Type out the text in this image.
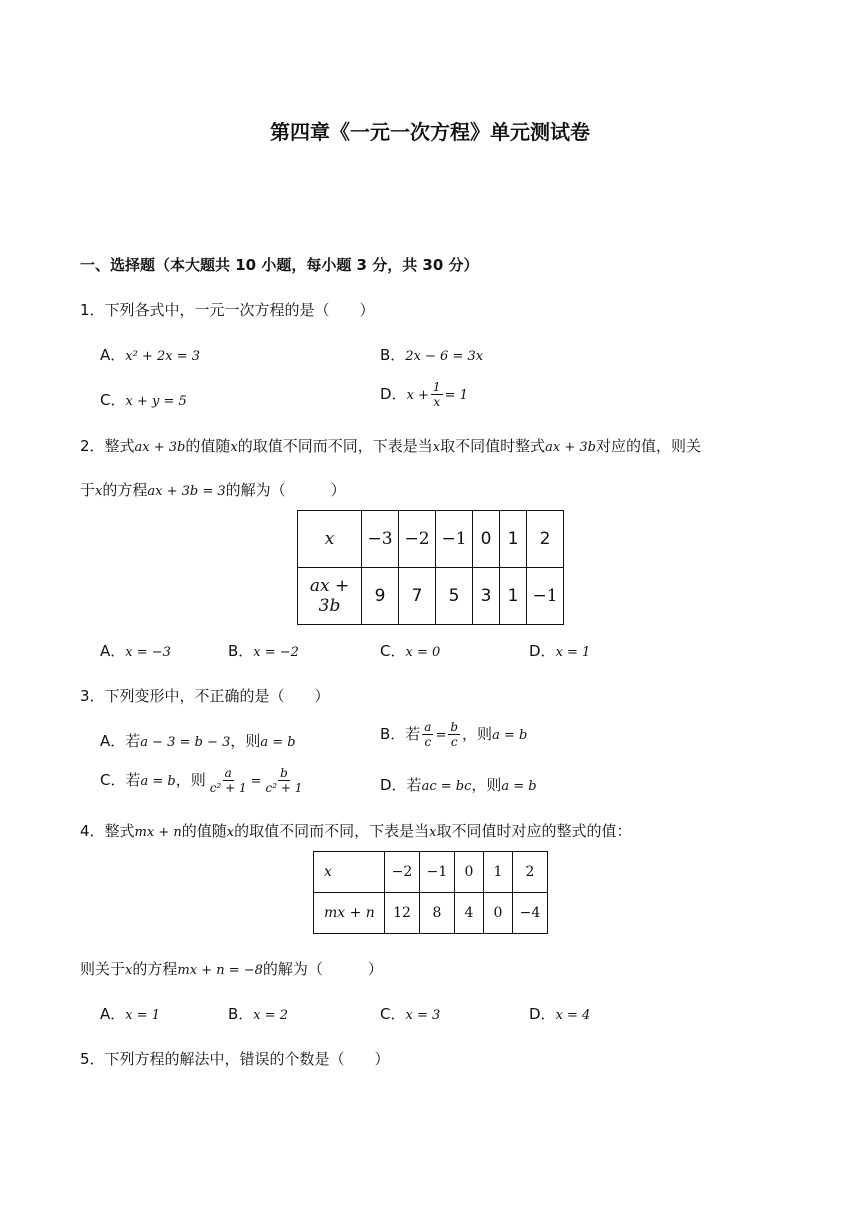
第四章《一元一次方程》单元测试卷
一、选择题（本大题共 10 小题，每小题 3 分，共 30 分）
1．下列各式中，一元一次方程的是（　　）
A．x² + 2x = 3	B．2x − 6 = 3x
C．x + y = 5	D．$x + \frac{1}{x} = 1$
2．整式ax + 3b的值随x的取值不同而不同，下表是当x取不同值时整式ax + 3b对应的值，则关
于x的方程ax + 3b = 3的解为（　　　）
x	−3	−2	−1	0	1	2
ax + 3b	9	7	5	3	1	−1
A．x = −3	B．x = −2	C．x = 0	D．x = 1
3．下列变形中，不正确的是（　　）
A．若a − 3 = b − 3，则a = b	B．若 $\frac{a}{c} = \frac{b}{c}$ ，则a = b
C．若a = b，则 $\frac{a}{\text{c² + 1}} = \frac{b}{\text{c² + 1}}$	D．若ac = bc，则a = b
4．整式mx + n的值随x的取值不同而不同，下表是当x取不同值时对应的整式的值：
x	−2	−1	0	1	2
mx + n	12	8	4	0	−4
则关于x的方程mx + n = −8的解为（　　　）
A．x = 1	B．x = 2	C．x = 3	D．x = 4
5．下列方程的解法中，错误的个数是（　　）
